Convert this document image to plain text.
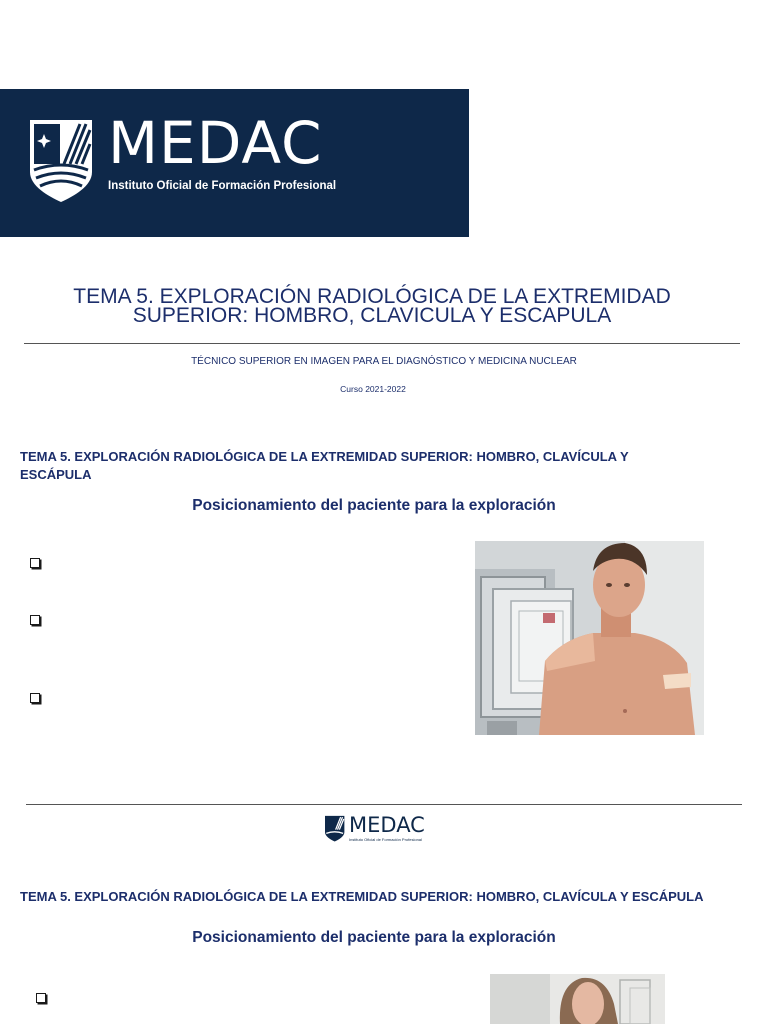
MEDAC
Instituto Oficial de Formación Profesional
TEMA 5. EXPLORACIÓN RADIOLÓGICA DE LA EXTREMIDAD
SUPERIOR: HOMBRO, CLAVICULA Y ESCAPULA
TÉCNICO SUPERIOR EN IMAGEN PARA EL DIAGNÓSTICO Y MEDICINA NUCLEAR
Curso 2021-2022
TEMA 5. EXPLORACIÓN RADIOLÓGICA DE LA EXTREMIDAD SUPERIOR: HOMBRO, CLAVÍCULA Y
ESCÁPULA
Posicionamiento del paciente para la exploración
MEDAC
Instituto Oficial de Formación Profesional
TEMA 5. EXPLORACIÓN RADIOLÓGICA DE LA EXTREMIDAD SUPERIOR: HOMBRO, CLAVÍCULA Y ESCÁPULA
Posicionamiento del paciente para la exploración
